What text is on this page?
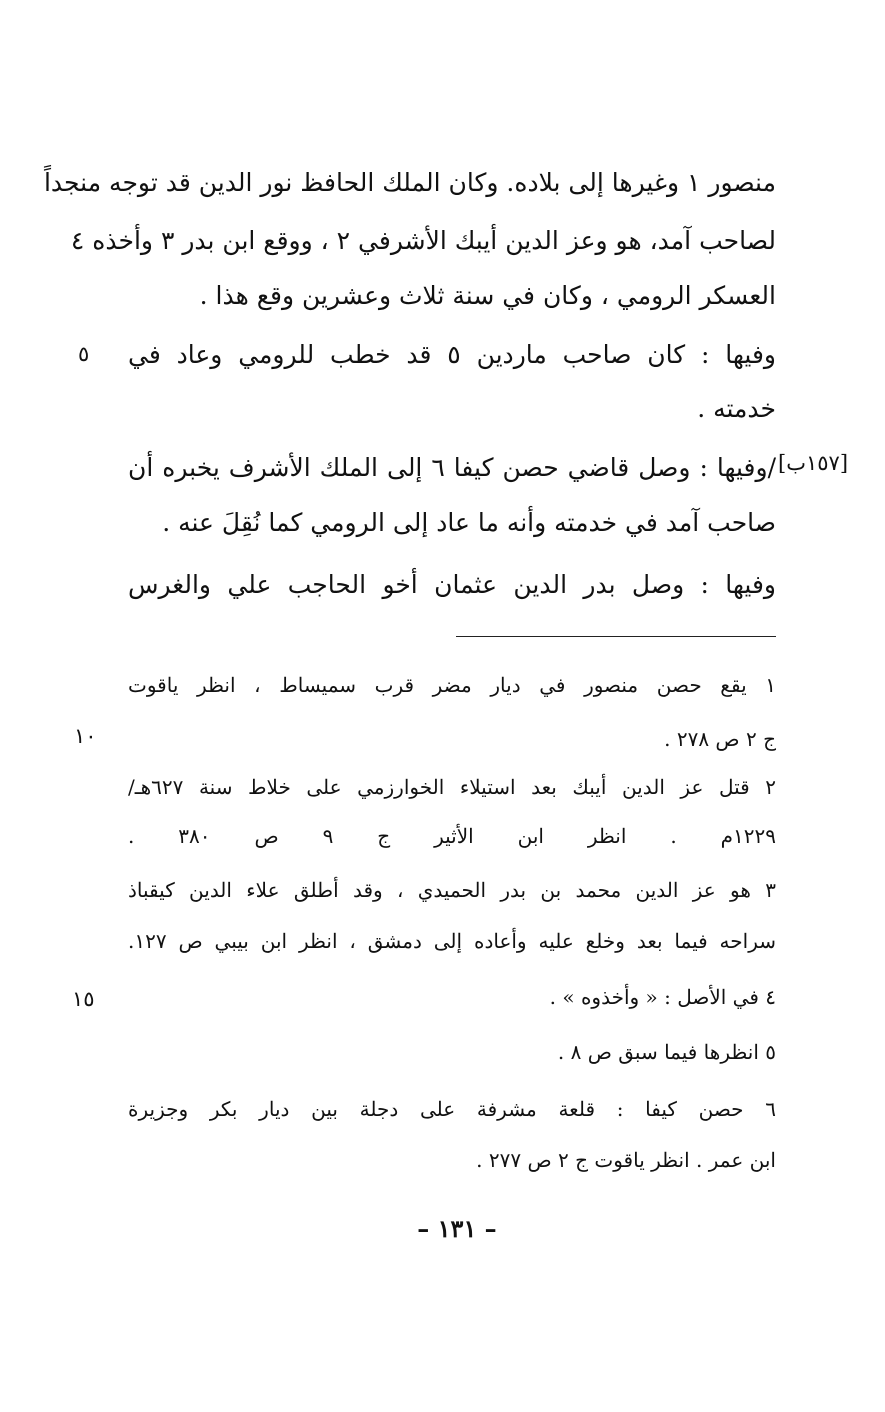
منصور ١ وغيرها إلى بلاده. وكان الملك الحافظ نور الدين قد توجه منجداً
لصاحب آمد، هو وعز الدين أيبك الأشرفي ٢ ، ووقع ابن بدر ٣ وأخذه ٤
العسكر الرومي ، وكان في سنة ثلاث وعشرين وقع هذا .
وفيها : كان صاحب ماردين ٥ قد خطب للرومي وعاد في
خدمته .
/وفيها : وصل قاضي حصن كيفا ٦ إلى الملك الأشرف يخبره أن
صاحب آمد في خدمته وأنه ما عاد إلى الرومي كما نُقِلَ عنه .
وفيها : وصل بدر الدين عثمان أخو الحاجب علي والغرس
١ يقع حصن منصور في ديار مضر قرب سميساط ، انظر ياقوت
ج ٢ ص ٢٧٨ .
٢ قتل عز الدين أيبك بعد استيلاء الخوارزمي على خلاط سنة ٦٢٧هـ/
١٢٢٩م . انظر ابن الأثير ج ٩ ص ٣٨٠ .
٣ هو عز الدين محمد بن بدر الحميدي ، وقد أطلق علاء الدين كيقباذ
سراحه فيما بعد وخلع عليه وأعاده إلى دمشق ، انظر ابن بيبي ص ١٢٧.
٤ في الأصل : « وأخذوه » .
٥ انظرها فيما سبق ص ٨ .
٦ حصن كيفا : قلعة مشرفة على دجلة بين ديار بكر وجزيرة
ابن عمر . انظر ياقوت ج ٢ ص ٢٧٧ .
٥
[١٥٧ب]
١٠
١٥
– ١٣١ –
